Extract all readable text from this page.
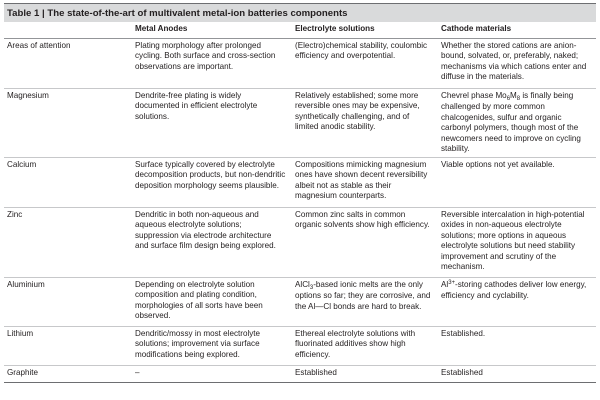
Table 1 | The state-of-the-art of multivalent metal-ion batteries components
	Metal Anodes	Electrolyte solutions	Cathode materials
Areas of attention	Plating morphology after prolonged cycling. Both surface and cross-section observations are important.	(Electro)chemical stability, coulombic efficiency and overpotential.	Whether the stored cations are anion-bound, solvated, or, preferably, naked; mechanisms via which cations enter and diffuse in the materials.
Magnesium	Dendrite-free plating is widely documented in efficient electrolyte solutions.	Relatively established; some more reversible ones may be expensive, synthetically challenging, and of limited anodic stability.	Chevrel phase $Mo_6M_8$ is finally being challenged by more common chalcogenides, sulfur and organic carbonyl polymers, though most of the newcomers need to improve on cycling stability.
Calcium	Surface typically covered by electrolyte decomposition products, but non-dendritic deposition morphology seems plausible.	Compositions mimicking magnesium ones have shown decent reversibility albeit not as stable as their magnesium counterparts.	Viable options not yet available.
Zinc	Dendritic in both non-aqueous and aqueous electrolyte solutions; suppression via electrode architecture and surface film design being explored.	Common zinc salts in common organic solvents show high efficiency.	Reversible intercalation in high-potential oxides in non-aqueous electrolyte solutions; more options in aqueous electrolyte solutions but need stability improvement and scrutiny of the mechanism.
Aluminium	Depending on electrolyte solution composition and plating condition, morphologies of all sorts have been observed.	AlCl$_3$-based ionic melts are the only options so far; they are corrosive, and the Al—Cl bonds are hard to break.	$Al^{3+}$-storing cathodes deliver low energy, efficiency and cyclability.
Lithium	Dendritic/mossy in most electrolyte solutions; improvement via surface modifications being explored.	Ethereal electrolyte solutions with fluorinated additives show high efficiency.	Established.
Graphite	–	Established	Established
